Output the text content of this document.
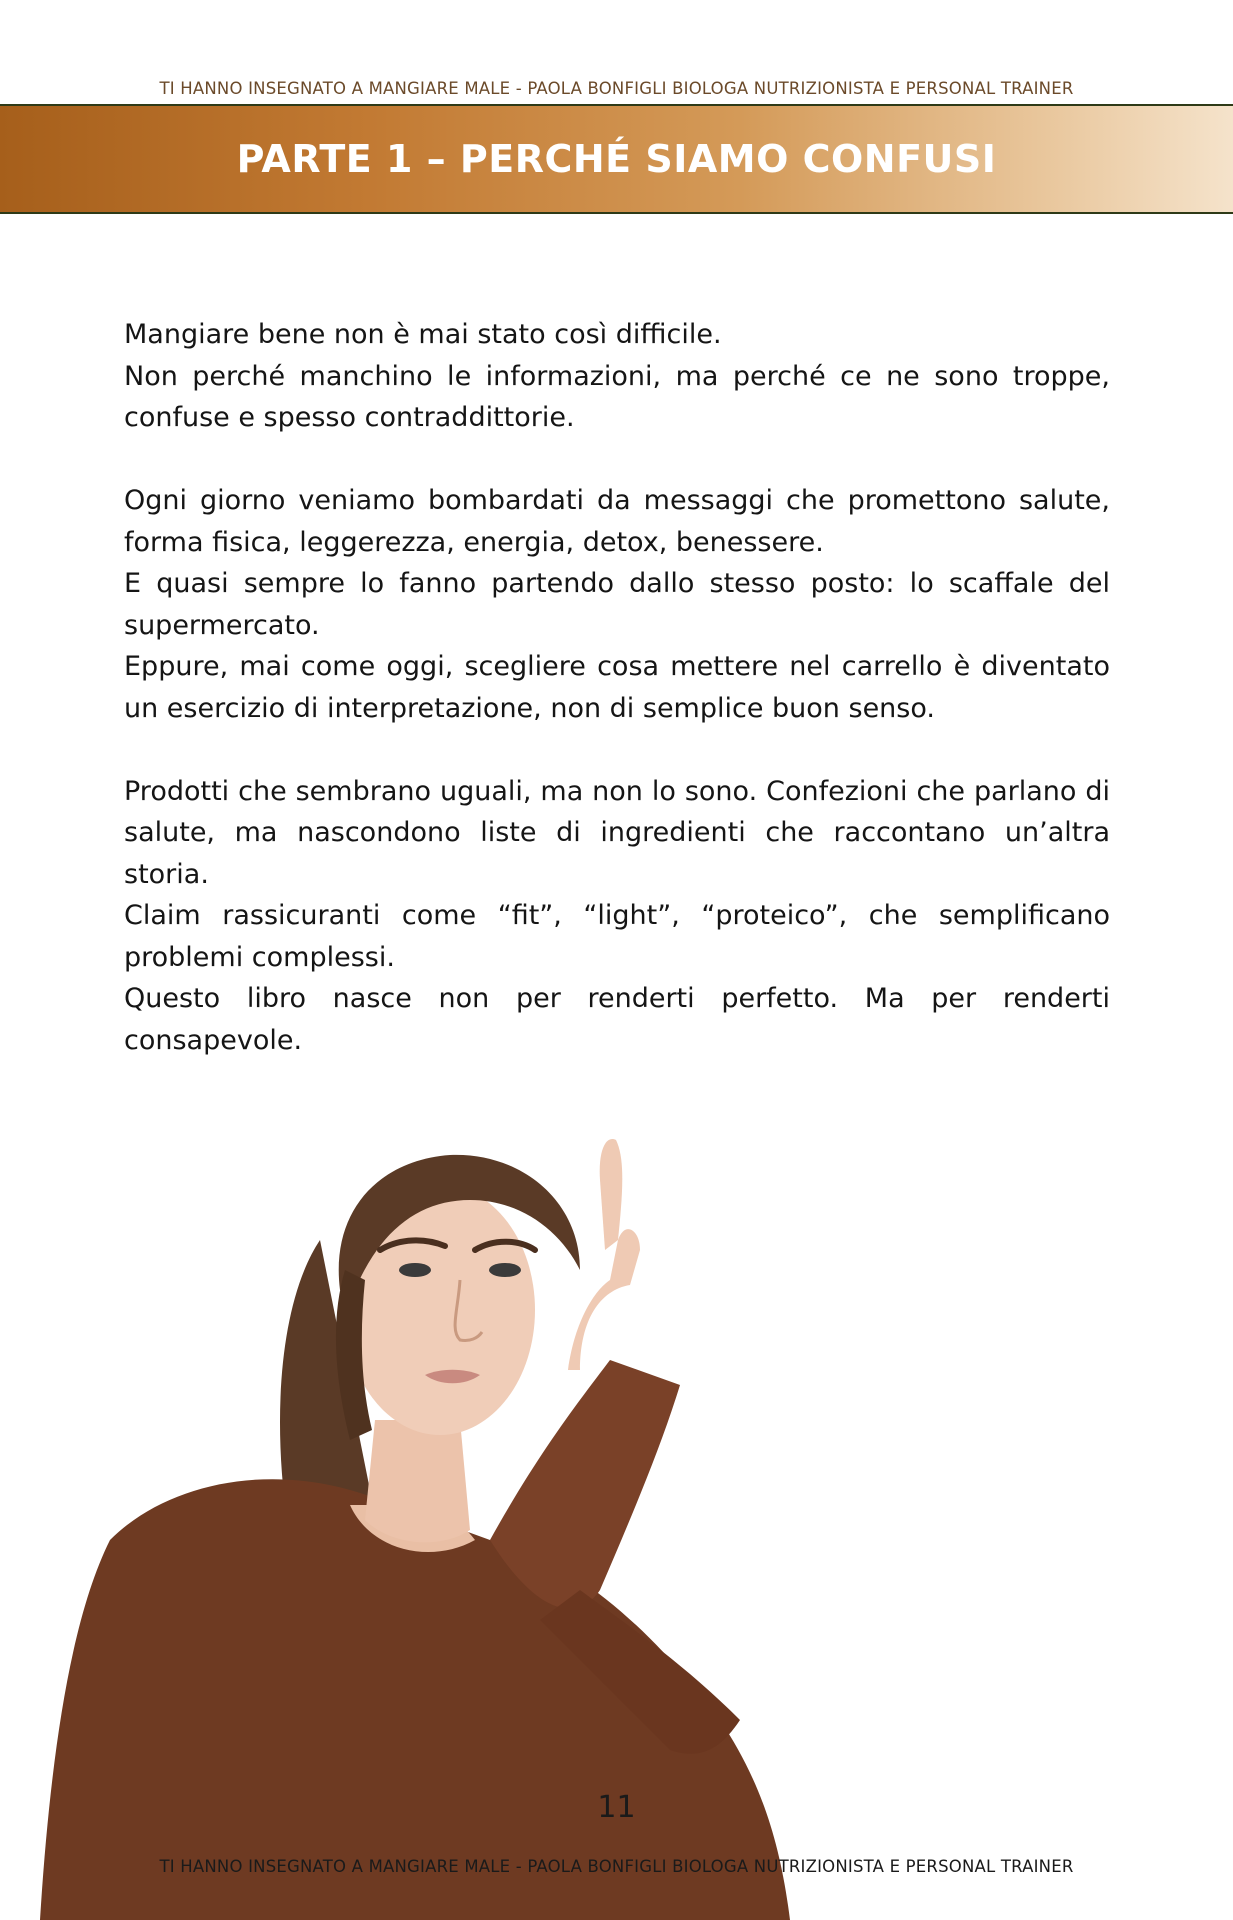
TI HANNO INSEGNATO A MANGIARE MALE - PAOLA BONFIGLI BIOLOGA NUTRIZIONISTA E PERSONAL TRAINER
PARTE 1 – PERCHÉ SIAMO CONFUSI

Mangiare bene non è mai stato così difficile.
Non perché manchino le informazioni, ma perché ce ne sono troppe, confuse e spesso contraddittorie.

Ogni giorno veniamo bombardati da messaggi che promettono salute, forma fisica, leggerezza, energia, detox, benessere.
E quasi sempre lo fanno partendo dallo stesso posto: lo scaffale del supermercato.
Eppure, mai come oggi, scegliere cosa mettere nel carrello è diventato un esercizio di interpretazione, non di semplice buon senso.

Prodotti che sembrano uguali, ma non lo sono. Confezioni che parlano di salute, ma nascondono liste di ingredienti che raccontano un’altra storia.
Claim rassicuranti come “fit”, “light”, “proteico”, che semplificano problemi complessi.
Questo libro nasce non per renderti perfetto. Ma per renderti consapevole.

11
TI HANNO INSEGNATO A MANGIARE MALE - PAOLA BONFIGLI BIOLOGA NUTRIZIONISTA E PERSONAL TRAINER
